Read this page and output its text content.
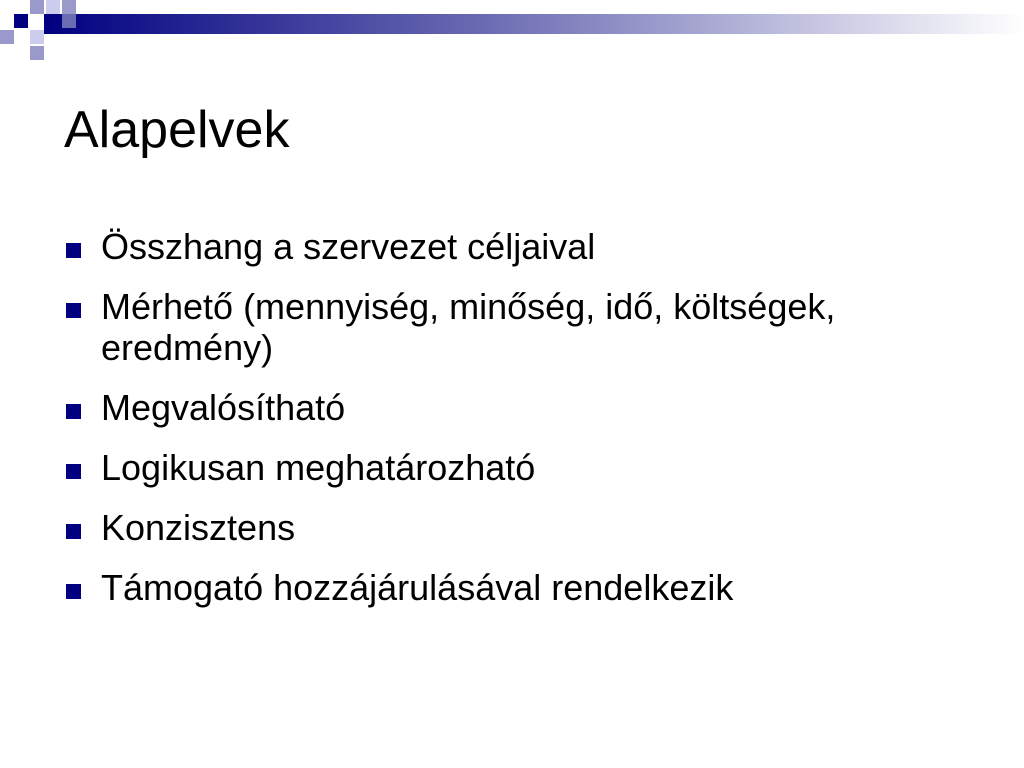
Alapelvek
Összhang a szervezet céljaival
Mérhető (mennyiség, minőség, idő, költségek, eredmény)
Megvalósítható
Logikusan meghatározható
Konzisztens
Támogató hozzájárulásával rendelkezik
